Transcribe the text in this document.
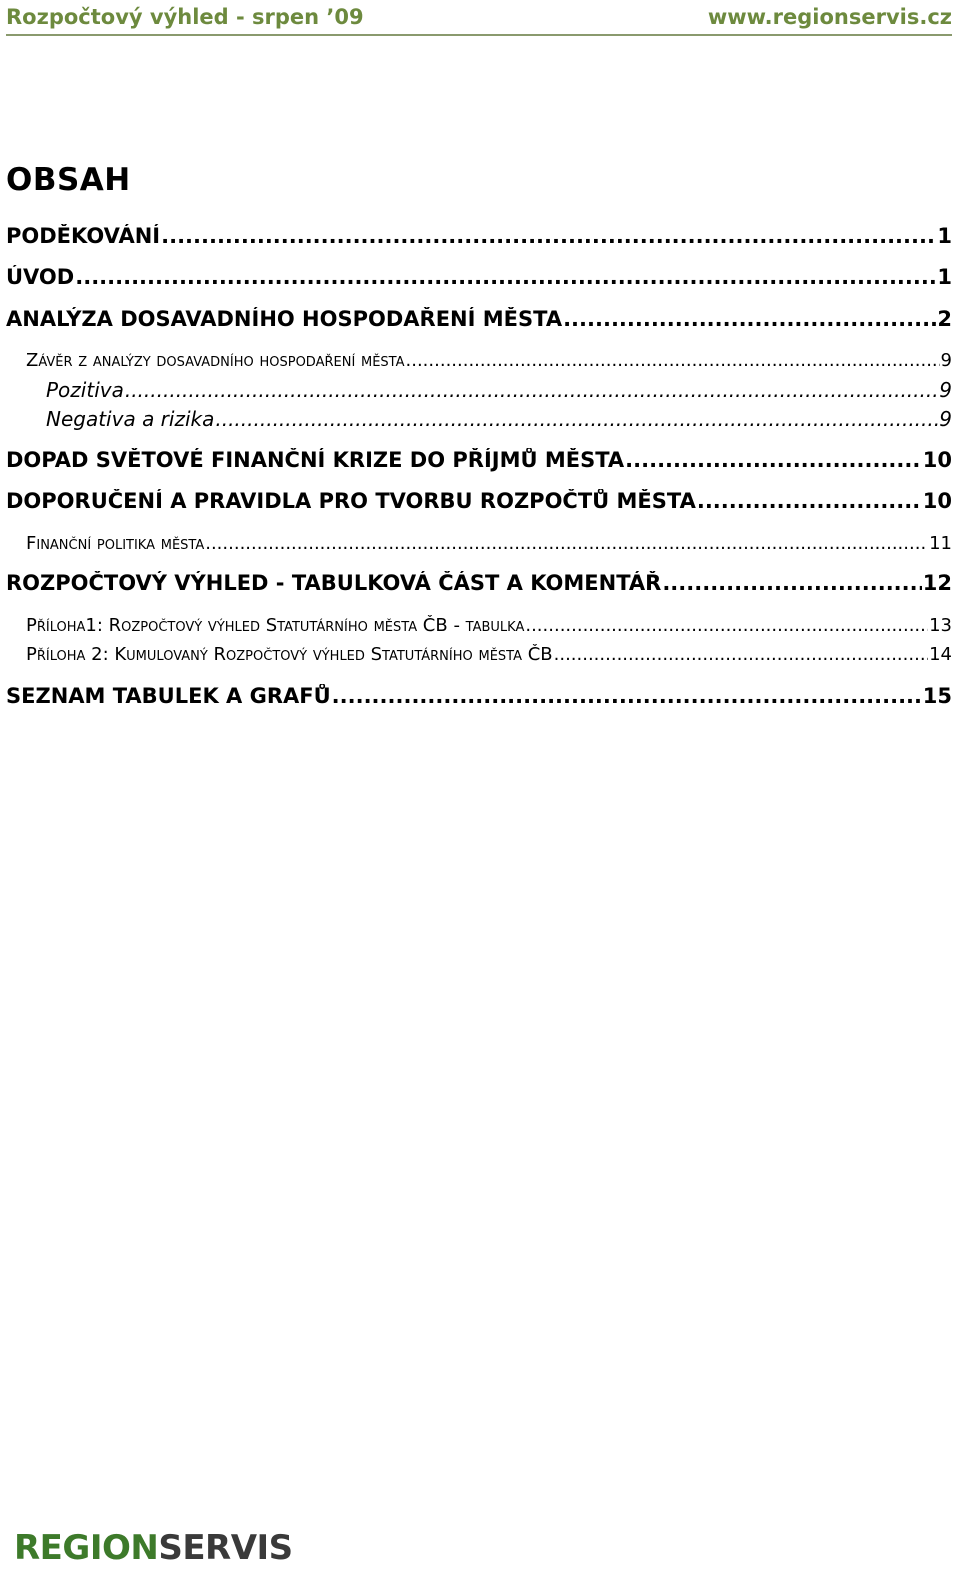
Rozpočtový výhled - srpen ’09	www.regionservis.cz
OBSAH
PODĚKOVÁNÍ .....	1
ÚVOD .....	1
ANALÝZA DOSAVADNÍHO HOSPODAŘENÍ MĚSTA .....	2
Závěr z analýzy dosavadního hospodaření města .....	9
Pozitiva .....	9
Negativa a rizika .....	9
DOPAD SVĚTOVÉ FINANČNÍ KRIZE DO PŘÍJMŮ MĚSTA .....	10
DOPORUČENÍ A PRAVIDLA PRO TVORBU ROZPOČTŮ MĚSTA .....	10
Finanční politika města .....	11
ROZPOČTOVÝ VÝHLED - TABULKOVÁ ČÁST A KOMENTÁŘ .....	12
Příloha1: Rozpočtový výhled Statutárního města ČB - tabulka .....	13
Příloha 2: Kumulovaný Rozpočtový výhled Statutárního města ČB .....	14
SEZNAM TABULEK A GRAFŮ .....	15
REGIONSERVIS
